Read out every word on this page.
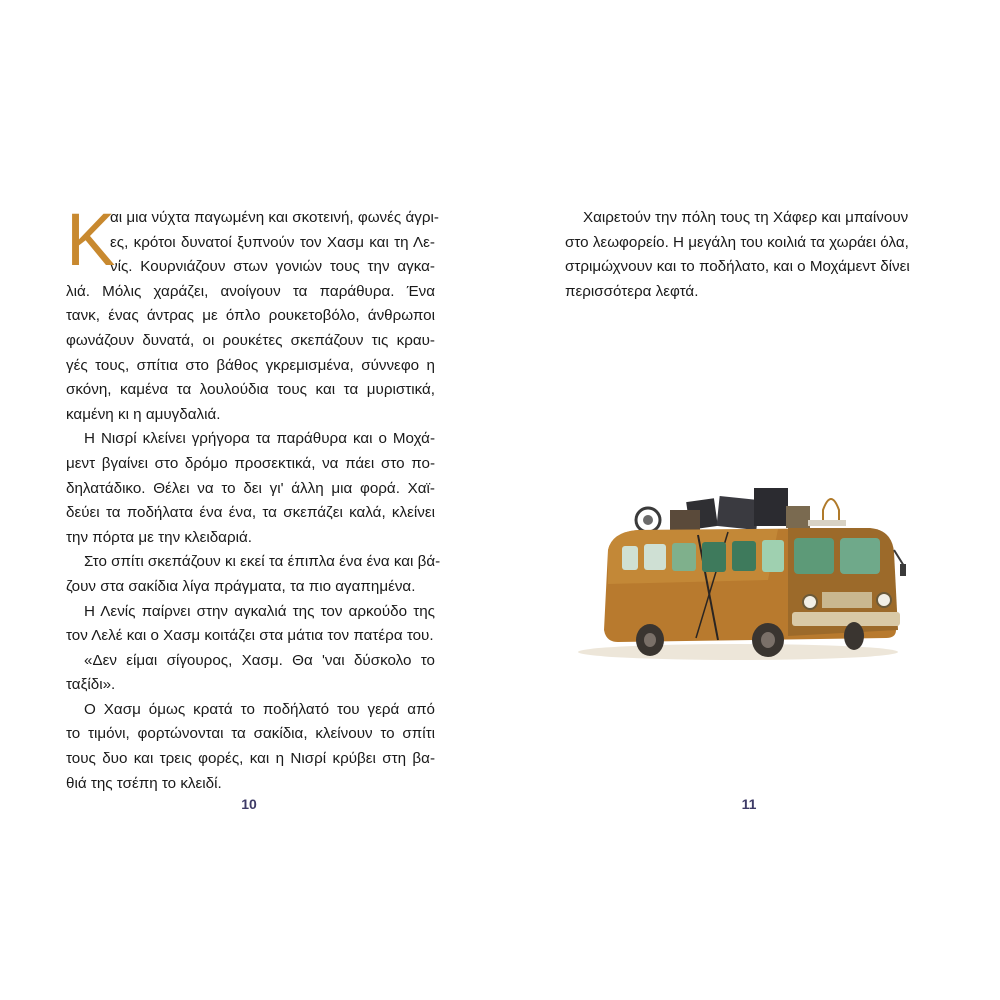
Κ
αι μια νύχτα παγωμένη και σκοτεινή, φωνές άγρι-
ες, κρότοι δυνατοί ξυπνούν τον Χασμ και τη Λε-
νίς. Κουρνιάζουν στων γονιών τους την αγκα-
λιά. Μόλις χαράζει, ανοίγουν τα παράθυρα. Ένα
τανκ, ένας άντρας με όπλο ρουκετοβόλο, άνθρωποι
φωνάζουν δυνατά, οι ρουκέτες σκεπάζουν τις κραυ-
γές τους, σπίτια στο βάθος γκρεμισμένα, σύννεφο η
σκόνη, καμένα τα λουλούδια τους και τα μυριστικά,
καμένη κι η αμυγδαλιά.
Η Νισρί κλείνει γρήγορα τα παράθυρα και ο Μοχά-
μεντ βγαίνει στο δρόμο προσεκτικά, να πάει στο πο-
δηλατάδικο. Θέλει να το δει γι' άλλη μια φορά. Χαϊ-
δεύει τα ποδήλατα ένα ένα, τα σκεπάζει καλά, κλείνει
την πόρτα με την κλειδαριά.
Στο σπίτι σκεπάζουν κι εκεί τα έπιπλα ένα ένα και βά-
ζουν στα σακίδια λίγα πράγματα, τα πιο αγαπημένα.
Η Λενίς παίρνει στην αγκαλιά της τον αρκούδο της
τον Λελέ και ο Χασμ κοιτάζει στα μάτια τον πατέρα του.
«Δεν είμαι σίγουρος, Χασμ. Θα 'ναι δύσκολο το
ταξίδι».
Ο Χασμ όμως κρατά το ποδήλατό του γερά από
το τιμόνι, φορτώνονται τα σακίδια, κλείνουν το σπίτι
τους δυο και τρεις φορές, και η Νισρί κρύβει στη βα-
θιά της τσέπη το κλειδί.
10
Χαιρετούν την πόλη τους τη Χάφερ και μπαίνουν
στο λεωφορείο. Η μεγάλη του κοιλιά τα χωράει όλα,
στριμώχνουν και το ποδήλατο, και ο Μοχάμεντ δίνει
περισσότερα λεφτά.
11
